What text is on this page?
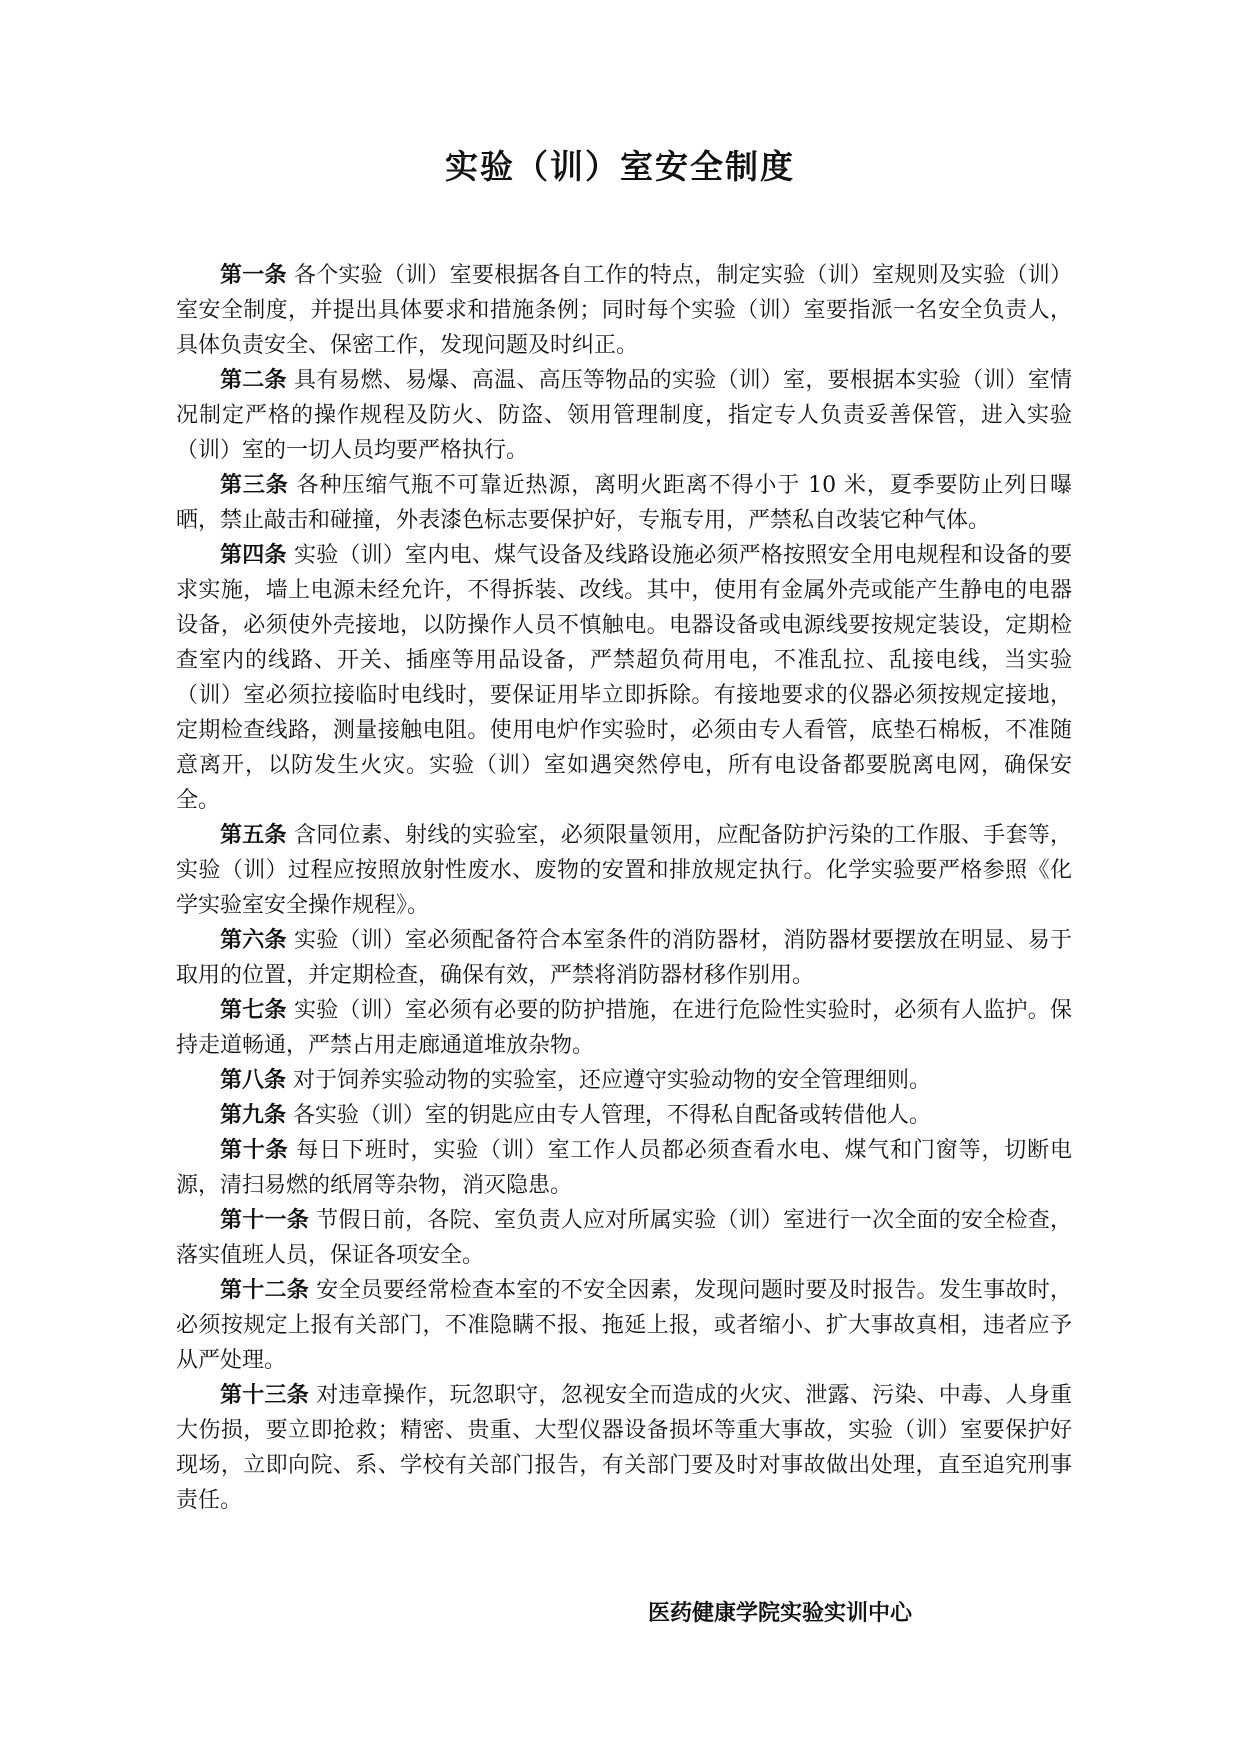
实验（训）室安全制度

第一条 各个实验（训）室要根据各自工作的特点，制定实验（训）室规则及实验（训）室安全制度，并提出具体要求和措施条例；同时每个实验（训）室要指派一名安全负责人，具体负责安全、保密工作，发现问题及时纠正。

第二条 具有易燃、易爆、高温、高压等物品的实验（训）室，要根据本实验（训）室情况制定严格的操作规程及防火、防盗、领用管理制度，指定专人负责妥善保管，进入实验（训）室的一切人员均要严格执行。

第三条 各种压缩气瓶不可靠近热源，离明火距离不得小于 10 米，夏季要防止列日曝晒，禁止敲击和碰撞，外表漆色标志要保护好，专瓶专用，严禁私自改装它种气体。

第四条 实验（训）室内电、煤气设备及线路设施必须严格按照安全用电规程和设备的要求实施，墙上电源未经允许，不得拆装、改线。其中，使用有金属外壳或能产生静电的电器设备，必须使外壳接地，以防操作人员不慎触电。电器设备或电源线要按规定装设，定期检查室内的线路、开关、插座等用品设备，严禁超负荷用电，不准乱拉、乱接电线，当实验（训）室必须拉接临时电线时，要保证用毕立即拆除。有接地要求的仪器必须按规定接地，定期检查线路，测量接触电阻。使用电炉作实验时，必须由专人看管，底垫石棉板，不准随意离开，以防发生火灾。实验（训）室如遇突然停电，所有电设备都要脱离电网，确保安全。

第五条 含同位素、射线的实验室，必须限量领用，应配备防护污染的工作服、手套等，实验（训）过程应按照放射性废水、废物的安置和排放规定执行。化学实验要严格参照《化学实验室安全操作规程》。

第六条 实验（训）室必须配备符合本室条件的消防器材，消防器材要摆放在明显、易于取用的位置，并定期检查，确保有效，严禁将消防器材移作别用。

第七条 实验（训）室必须有必要的防护措施，在进行危险性实验时，必须有人监护。保持走道畅通，严禁占用走廊通道堆放杂物。

第八条 对于饲养实验动物的实验室，还应遵守实验动物的安全管理细则。

第九条 各实验（训）室的钥匙应由专人管理，不得私自配备或转借他人。

第十条 每日下班时，实验（训）室工作人员都必须查看水电、煤气和门窗等，切断电源，清扫易燃的纸屑等杂物，消灭隐患。

第十一条 节假日前，各院、室负责人应对所属实验（训）室进行一次全面的安全检查，落实值班人员，保证各项安全。

第十二条 安全员要经常检查本室的不安全因素，发现问题时要及时报告。发生事故时，必须按规定上报有关部门，不准隐瞒不报、拖延上报，或者缩小、扩大事故真相，违者应予从严处理。

第十三条 对违章操作，玩忽职守，忽视安全而造成的火灾、泄露、污染、中毒、人身重大伤损，要立即抢救；精密、贵重、大型仪器设备损坏等重大事故，实验（训）室要保护好现场，立即向院、系、学校有关部门报告，有关部门要及时对事故做出处理，直至追究刑事责任。

医药健康学院实验实训中心
